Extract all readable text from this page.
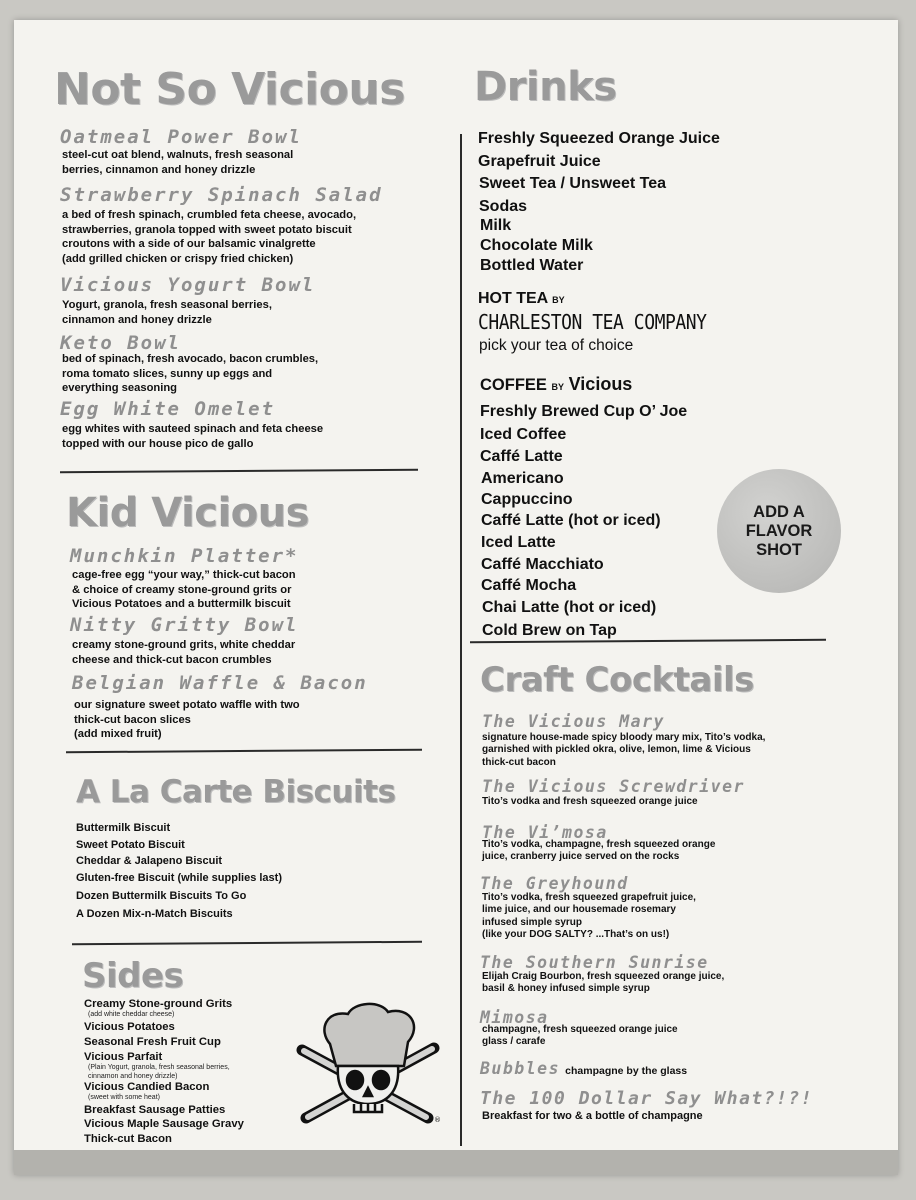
Not So Vicious
Oatmeal Power Bowl
steel-cut oat blend, walnuts, fresh seasonal
berries, cinnamon and honey drizzle
Strawberry Spinach Salad
a bed of fresh spinach, crumbled feta cheese, avocado,
strawberries, granola topped with sweet potato biscuit
croutons with a side of our balsamic vinalgrette
(add grilled chicken or crispy fried chicken)
Vicious Yogurt Bowl
Yogurt, granola, fresh seasonal berries,
cinnamon and honey drizzle
Keto Bowl
bed of spinach, fresh avocado, bacon crumbles,
roma tomato slices, sunny up eggs and
everything seasoning
Egg White Omelet
egg whites with sauteed spinach and feta cheese
topped with our house pico de gallo
Kid Vicious
Munchkin Platter*
cage-free egg “your way,” thick-cut bacon
& choice of creamy stone-ground grits or
Vicious Potatoes and a buttermilk biscuit
Nitty Gritty Bowl
creamy stone-ground grits, white cheddar
cheese and thick-cut bacon crumbles
Belgian Waffle & Bacon
our signature sweet potato waffle with two
thick-cut bacon slices
(add mixed fruit)
A La Carte Biscuits
Buttermilk Biscuit
Sweet Potato Biscuit
Cheddar & Jalapeno Biscuit
Gluten-free Biscuit (while supplies last)
Dozen Buttermilk Biscuits To Go
A Dozen Mix-n-Match Biscuits
Sides
Creamy Stone-ground Grits
(add white cheddar cheese)
Vicious Potatoes
Seasonal Fresh Fruit Cup
Vicious Parfait
(Plain Yogurt, granola, fresh seasonal berries,
cinnamon and honey drizzle)
Vicious Candied Bacon
(sweet with some heat)
Breakfast Sausage Patties
Vicious Maple Sausage Gravy
Thick-cut Bacon
®
Drinks
Freshly Squeezed Orange Juice
Grapefruit Juice
Sweet Tea / Unsweet Tea
Sodas
Milk
Chocolate Milk
Bottled Water
HOT TEA BY
CHARLESTON TEA COMPANY
pick your tea of choice
COFFEE BY Vicious
Freshly Brewed Cup O’ Joe
Iced Coffee
Caffé Latte
Americano
Cappuccino
Caffé Latte (hot or iced)
Iced Latte
Caffé Macchiato
Caffé Mocha
Chai Latte (hot or iced)
Cold Brew on Tap
ADD A FLAVOR SHOT
Craft Cocktails
The Vicious Mary
signature house-made spicy bloody mary mix, Tito’s vodka,
garnished with pickled okra, olive, lemon, lime & Vicious
thick-cut bacon
The Vicious Screwdriver
Tito’s vodka and fresh squeezed orange juice
The Vi’mosa
Tito’s vodka, champagne, fresh squeezed orange
juice, cranberry juice served on the rocks
The Greyhound
Tito’s vodka, fresh squeezed grapefruit juice,
lime juice, and our housemade rosemary
infused simple syrup
(like your DOG SALTY? ...That’s on us!)
The Southern Sunrise
Elijah Craig Bourbon, fresh squeezed orange juice,
basil & honey infused simple syrup
Mimosa
champagne, fresh squeezed orange juice
glass / carafe
Bubbles champagne by the glass
The 100 Dollar Say What?!?!
Breakfast for two & a bottle of champagne
